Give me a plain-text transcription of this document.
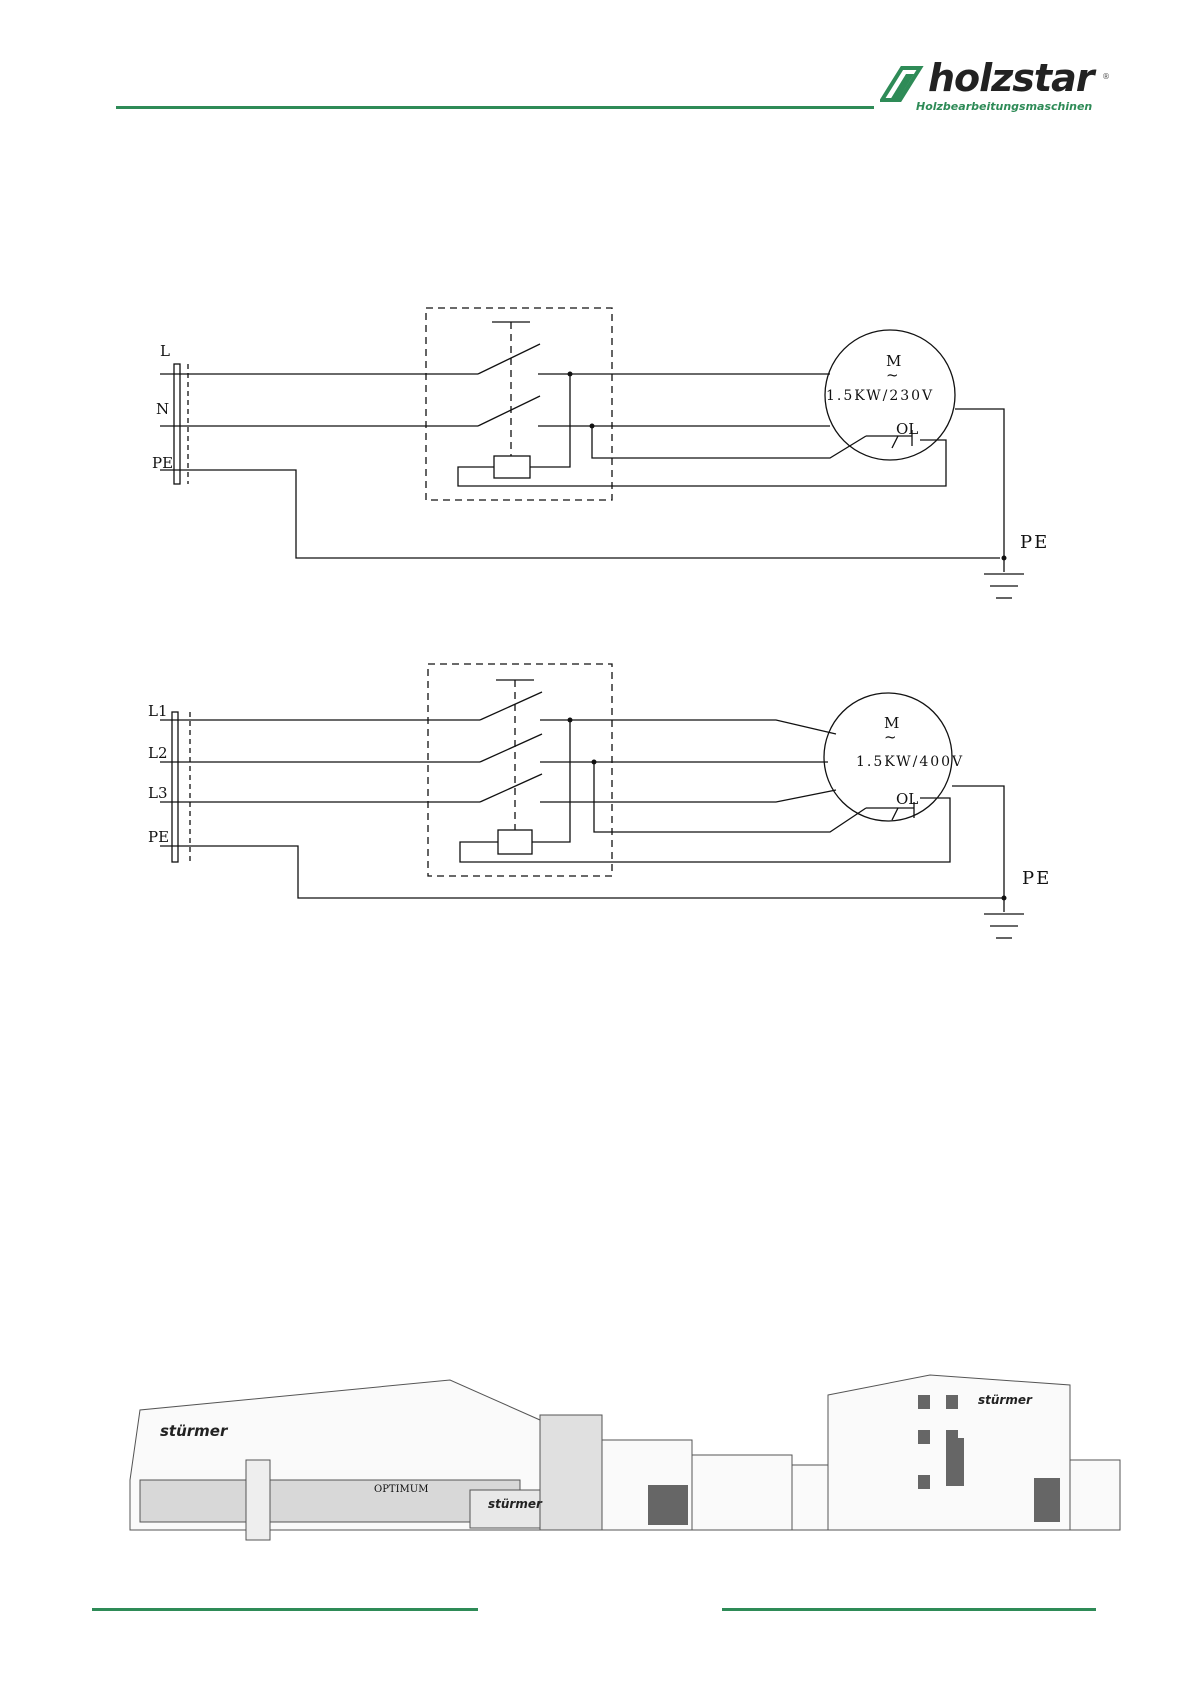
holzstar ®
Holzbearbeitungsmaschinen
L
N
PE
M
~
1.5KW/230V
OL
PE
L1
L2
L3
PE
M
~
1.5KW/400V
OL
PE
stürmer
OPTIMUM
stürmer
stürmer
